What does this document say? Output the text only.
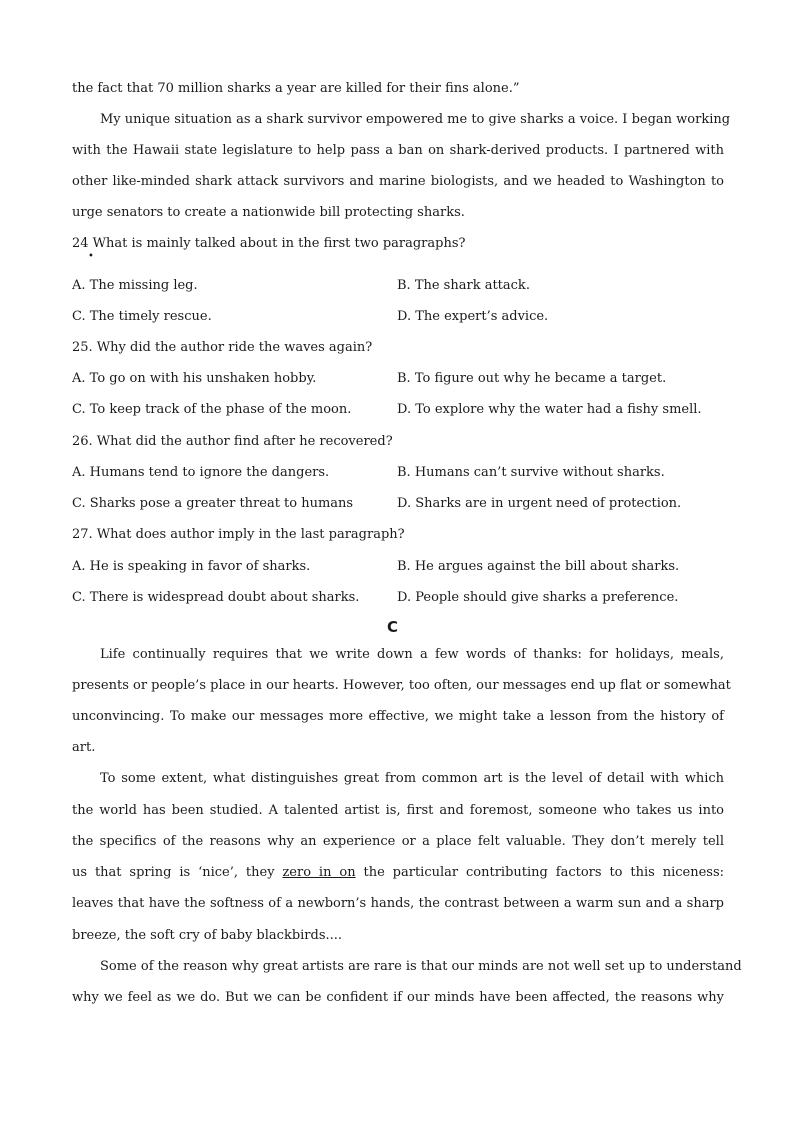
the fact that 70 million sharks a year are killed for their fins alone.”
My unique situation as a shark survivor empowered me to give sharks a voice. I began working
with the Hawaii state legislature to help pass a ban on shark-derived products. I partnered with
other like-minded shark attack survivors and marine biologists, and we headed to Washington to
urge senators to create a nationwide bill protecting sharks.
24 What is mainly talked about in the first two paragraphs?
•
A. The missing leg.	B. The shark attack.
C. The timely rescue.	D. The expert’s advice.
25. Why did the author ride the waves again?
A. To go on with his unshaken hobby.	B. To figure out why he became a target.
C. To keep track of the phase of the moon.	D. To explore why the water had a fishy smell.
26. What did the author find after he recovered?
A. Humans tend to ignore the dangers.	B. Humans can’t survive without sharks.
C. Sharks pose a greater threat to humans	D. Sharks are in urgent need of protection.
27. What does author imply in the last paragraph?
A. He is speaking in favor of sharks.	B. He argues against the bill about sharks.
C. There is widespread doubt about sharks.	D. People should give sharks a preference.
C
Life continually requires that we write down a few words of thanks: for holidays, meals,
presents or people’s place in our hearts. However, too often, our messages end up flat or somewhat
unconvincing. To make our messages more effective, we might take a lesson from the history of
art.
To some extent, what distinguishes great from common art is the level of detail with which
the world has been studied. A talented artist is, first and foremost, someone who takes us into
the specifics of the reasons why an experience or a place felt valuable. They don’t merely tell
us that spring is ‘nice’, they zero in on the particular contributing factors to this niceness:
leaves that have the softness of a newborn’s hands, the contrast between a warm sun and a sharp
breeze, the soft cry of baby blackbirds....
Some of the reason why great artists are rare is that our minds are not well set up to understand
why we feel as we do. But we can be confident if our minds have been affected, the reasons why
